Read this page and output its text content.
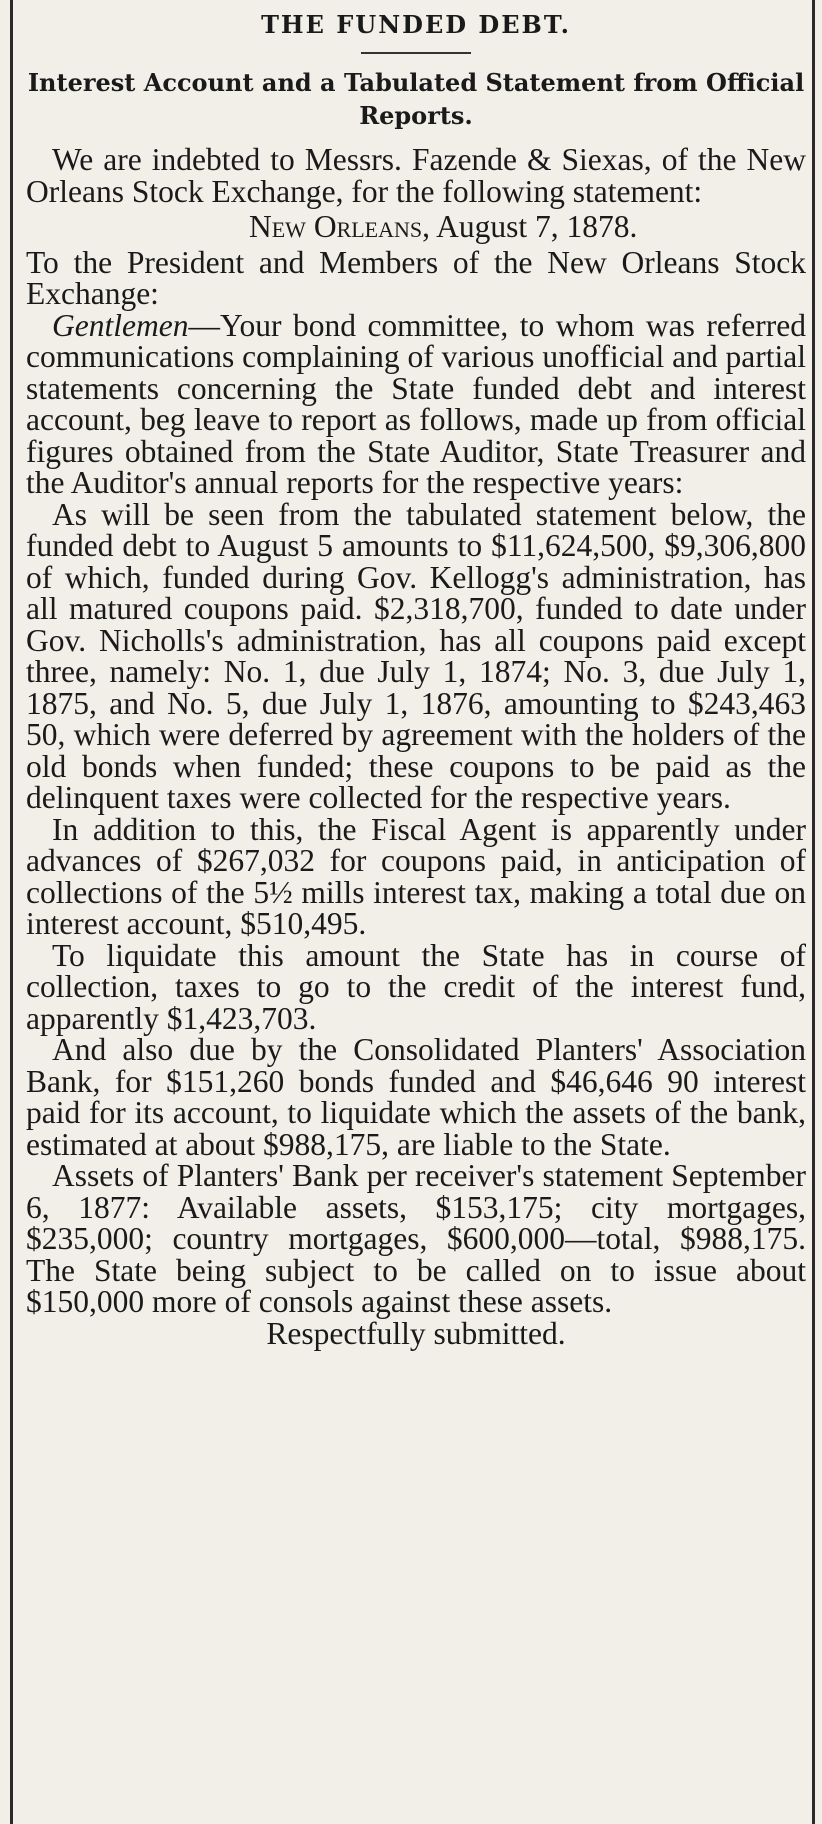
THE FUNDED DEBT.
Interest Account and a Tabulated Statement from Official Reports.

We are indebted to Messrs. Fazende & Siexas, of the New Orleans Stock Exchange, for the following statement:

New Orleans, August 7, 1878.

To the President and Members of the New Orleans Stock Exchange:

Gentlemen—Your bond committee, to whom was referred communications complaining of various unofficial and partial statements concerning the State funded debt and interest account, beg leave to report as follows, made up from official figures obtained from the State Auditor, State Treasurer and the Auditor's annual reports for the respective years:

As will be seen from the tabulated statement below, the funded debt to August 5 amounts to $11,624,500, $9,306,800 of which, funded during Gov. Kellogg's administration, has all matured coupons paid. $2,318,700, funded to date under Gov. Nicholls's administration, has all coupons paid except three, namely: No. 1, due July 1, 1874; No. 3, due July 1, 1875, and No. 5, due July 1, 1876, amounting to $243,463 50, which were deferred by agreement with the holders of the old bonds when funded; these coupons to be paid as the delinquent taxes were collected for the respective years.

In addition to this, the Fiscal Agent is apparently under advances of $267,032 for coupons paid, in anticipation of collections of the 5½ mills interest tax, making a total due on interest account, $510,495.

To liquidate this amount the State has in course of collection, taxes to go to the credit of the interest fund, apparently $1,423,703.

And also due by the Consolidated Planters' Association Bank, for $151,260 bonds funded and $46,646 90 interest paid for its account, to liquidate which the assets of the bank, estimated at about $988,175, are liable to the State.

Assets of Planters' Bank per receiver's statement September 6, 1877: Available assets, $153,175; city mortgages, $235,000; country mortgages, $600,000—total, $988,175. The State being subject to be called on to issue about $150,000 more of consols against these assets.

Respectfully submitted.
